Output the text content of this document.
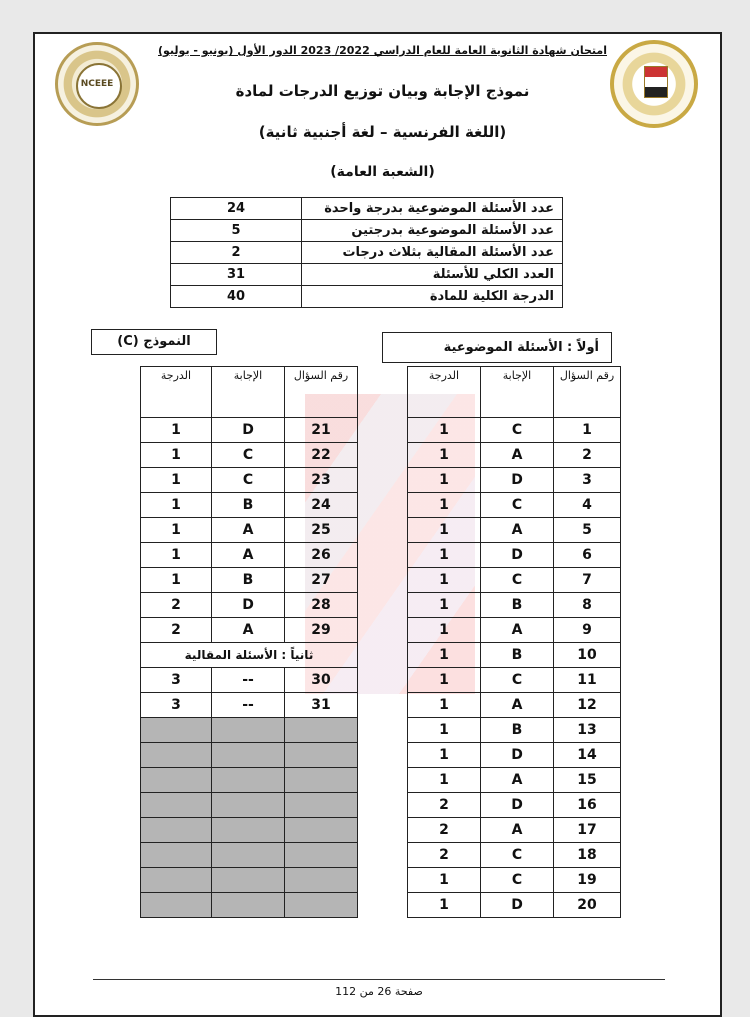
NCEEE
امتحان شهادة الثانوية العامة للعام الدراسي 2022/ 2023 الدور الأول (يونيو - يوليو)
نموذج الإجابة وبيان توزيع الدرجات لمادة
(اللغة الفرنسية – لغة أجنبية ثانية)
(الشعبة العامة)
24	عدد الأسئلة الموضوعية بدرجة واحدة
5	عدد الأسئلة الموضوعية بدرجتين
2	عدد الأسئلة المقالية بثلاث درجات
31	العدد الكلي للأسئلة
40	الدرجة الكلية للمادة
النموذج (C)	أولاً : الأسئلة الموضوعية
الدرجة	الإجابة	رقم السؤال
1	D	21
1	C	22
1	C	23
1	B	24
1	A	25
1	A	26
1	B	27
2	D	28
2	A	29
ثانياً : الأسئلة المقالية		
3	--	30
3	--	31

الدرجة	الإجابة	رقم السؤال
1	C	1
1	A	2
1	D	3
1	C	4
1	A	5
1	D	6
1	C	7
1	B	8
1	A	9
1	B	10
1	C	11
1	A	12
1	B	13
1	D	14
1	A	15
2	D	16
2	A	17
2	C	18
1	C	19
1	D	20
صفحة 26 من 112
